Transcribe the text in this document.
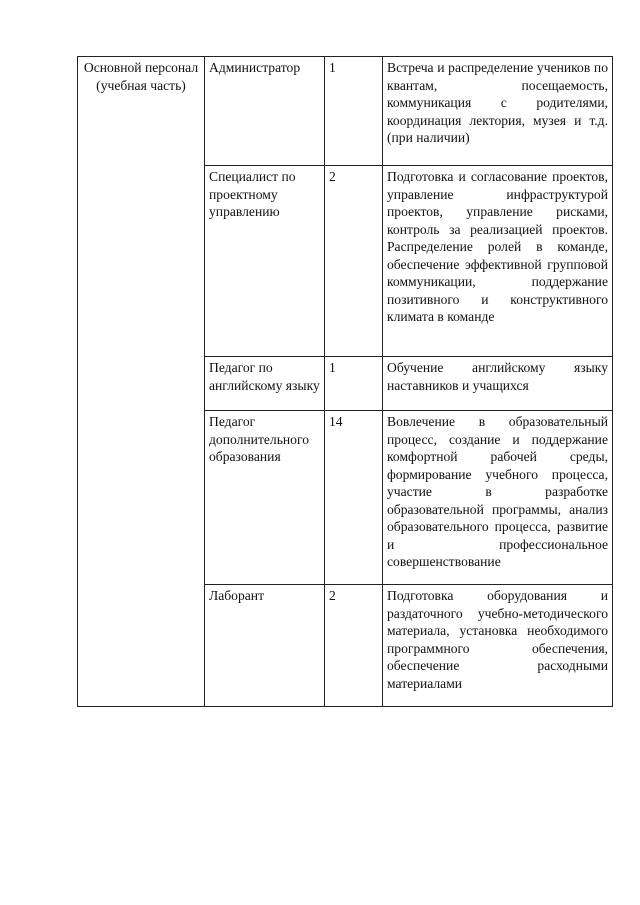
Основной персонал (учебная часть)	Администратор	1	Встреча и распределение учеников по квантам, посещаемость, коммуникация с родителями, координация лектория, музея и т.д. (при наличии)
	Специалист по проектному управлению	2	Подготовка и согласование проектов, управление инфраструктурой проектов, управление рисками, контроль за реализацией проектов. Распределение ролей в команде, обеспечение эффективной групповой коммуникации, поддержание позитивного и конструктивного климата в команде
	Педагог по английскому языку	1	Обучение английскому языку наставников и учащихся
	Педагог дополнительного образования	14	Вовлечение в образовательный процесс, создание и поддержание комфортной рабочей среды, формирование учебного процесса, участие в разработке образовательной программы, анализ образовательного процесса, развитие и профессиональное совершенствование
	Лаборант	2	Подготовка оборудования и раздаточного учебно-методического материала, установка необходимого программного обеспечения, обеспечение расходными материалами
